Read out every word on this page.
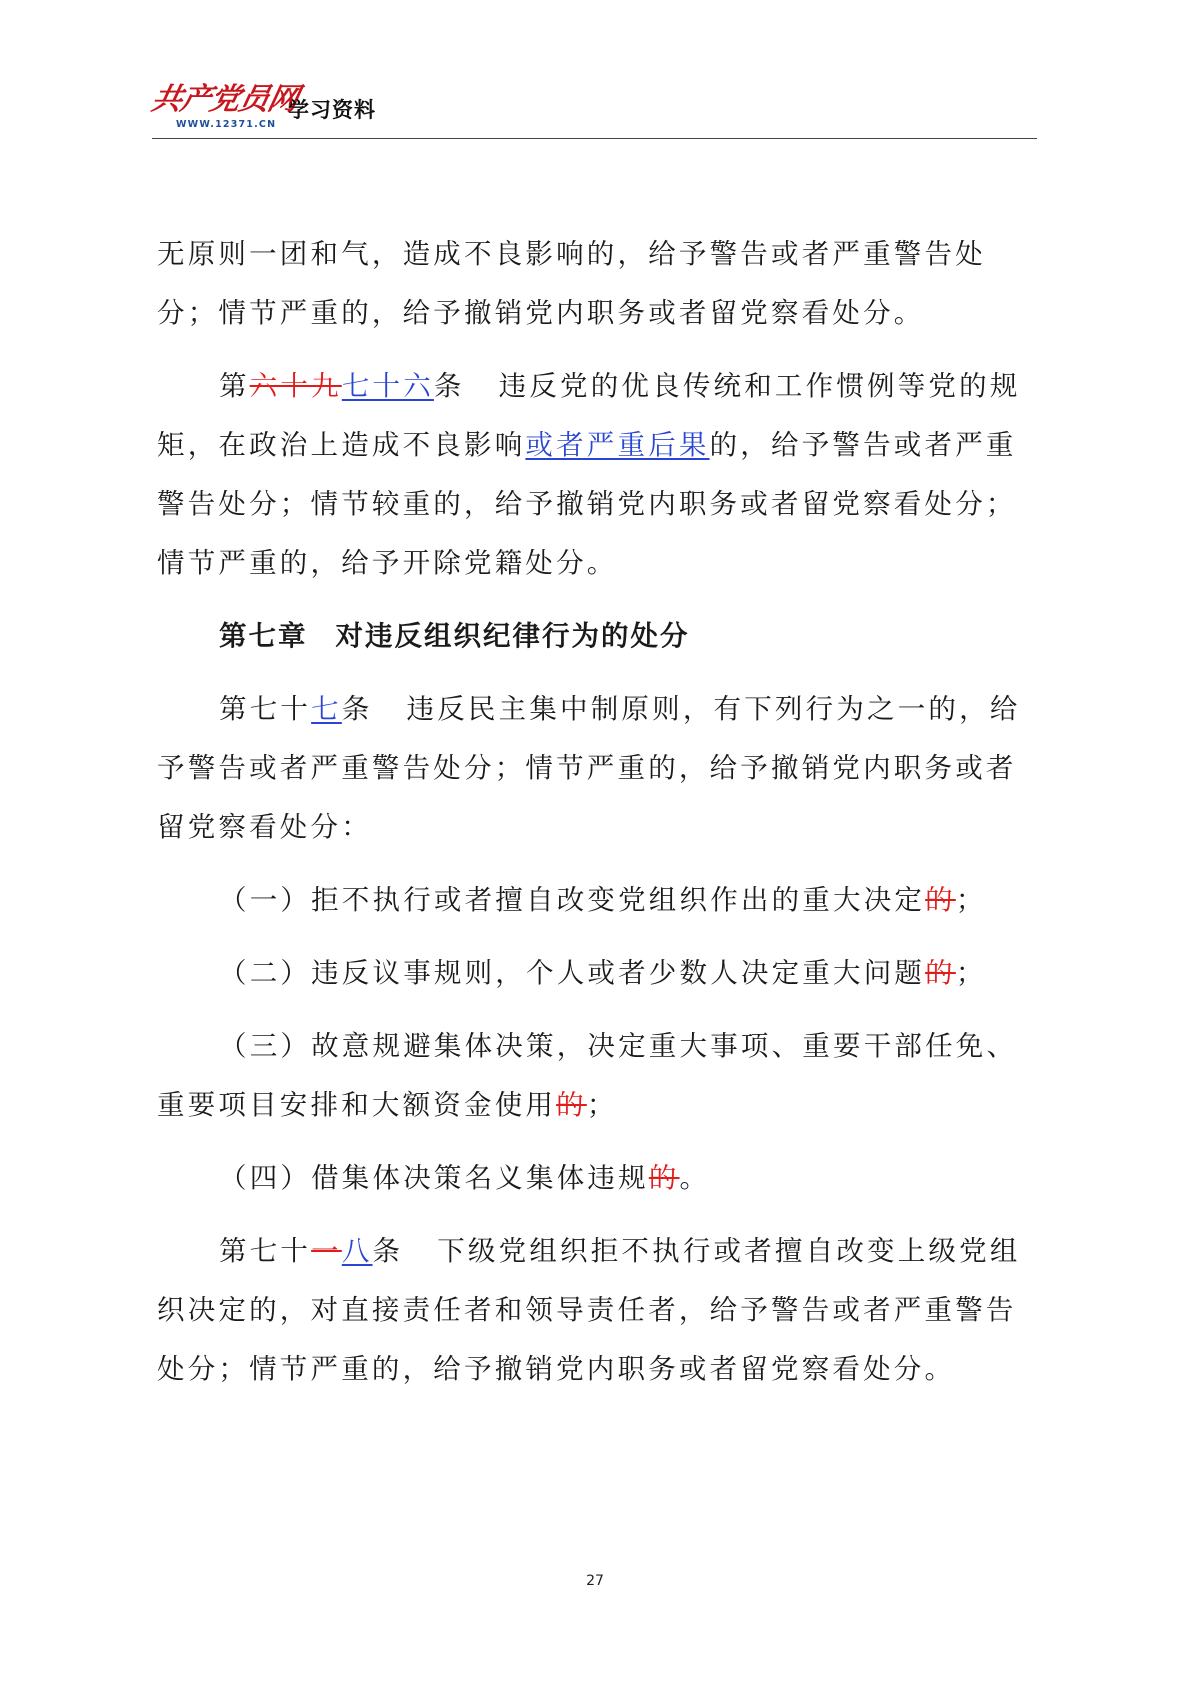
共产党员网
WWW.12371.CN
学习资料

无原则一团和气，造成不良影响的，给予警告或者严重警告处分；情节严重的，给予撤销党内职务或者留党察看处分。

第六十九七十六条 违反党的优良传统和工作惯例等党的规矩，在政治上造成不良影响或者严重后果的，给予警告或者严重警告处分；情节较重的，给予撤销党内职务或者留党察看处分；情节严重的，给予开除党籍处分。

第七章 对违反组织纪律行为的处分

第七十七条 违反民主集中制原则，有下列行为之一的，给予警告或者严重警告处分；情节严重的，给予撤销党内职务或者留党察看处分：

（一）拒不执行或者擅自改变党组织作出的重大决定的；

（二）违反议事规则，个人或者少数人决定重大问题的；

（三）故意规避集体决策，决定重大事项、重要干部任免、重要项目安排和大额资金使用的；

（四）借集体决策名义集体违规的。

第七十一八条 下级党组织拒不执行或者擅自改变上级党组织决定的，对直接责任者和领导责任者，给予警告或者严重警告处分；情节严重的，给予撤销党内职务或者留党察看处分。

27
